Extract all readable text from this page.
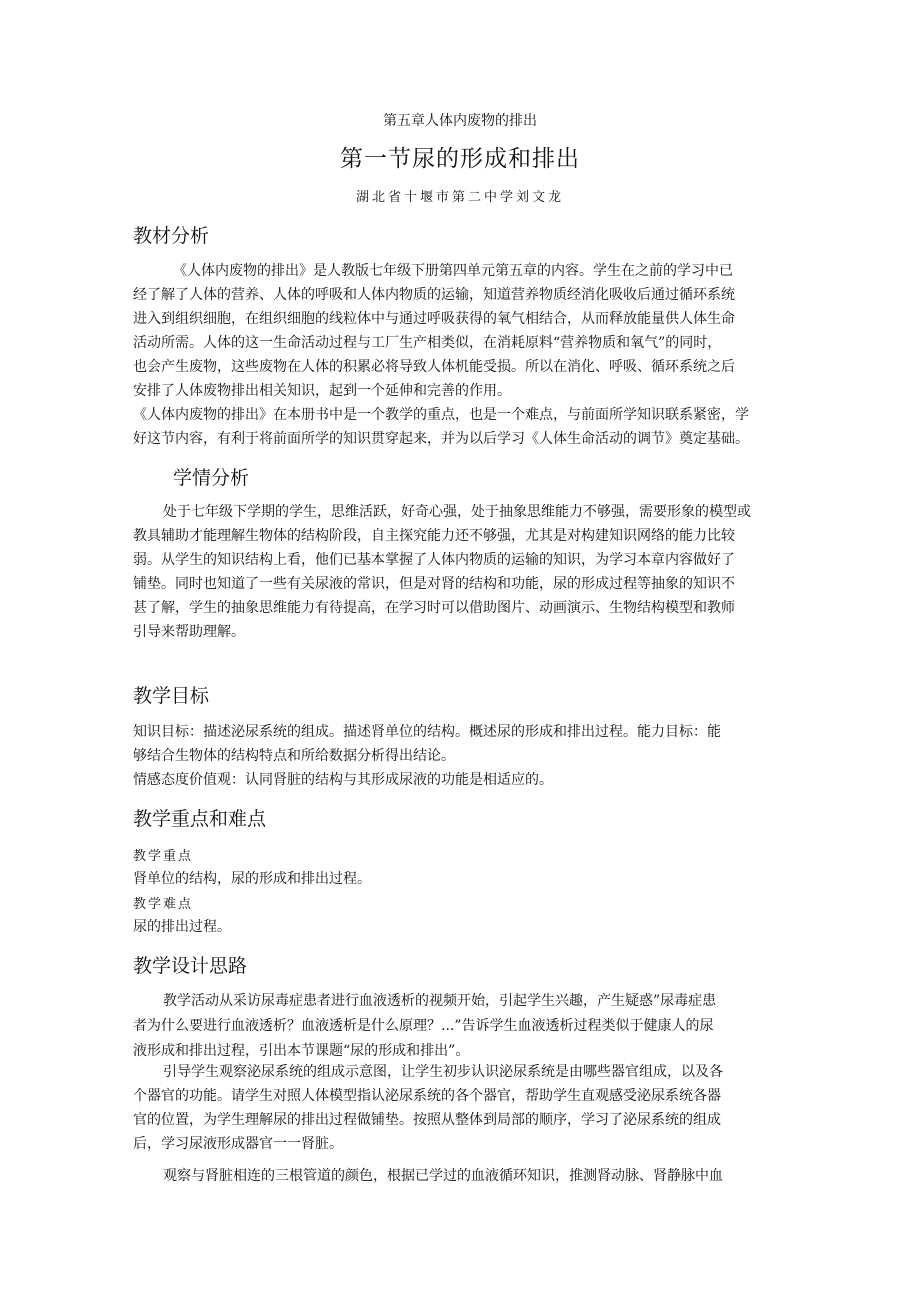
第五章人体内废物的排出
第一节尿的形成和排出
湖北省十堰市第二中学刘文龙
教材分析
《人体内废物的排出》是人教版七年级下册第四单元第五章的内容。学生在之前的学习中已
经了解了人体的营养、人体的呼吸和人体内物质的运输，知道营养物质经消化吸收后通过循环系统
进入到组织细胞，在组织细胞的线粒体中与通过呼吸获得的氧气相结合，从而释放能量供人体生命
活动所需。人体的这一生命活动过程与工厂生产相类似，在消耗原料“营养物质和氧气”的同时，
也会产生废物，这些废物在人体的积累必将导致人体机能受损。所以在消化、呼吸、循环系统之后
安排了人体废物排出相关知识，起到一个延伸和完善的作用。
《人体内废物的排出》在本册书中是一个教学的重点，也是一个难点，与前面所学知识联系紧密，学
好这节内容，有利于将前面所学的知识贯穿起来，并为以后学习《人体生命活动的调节》奠定基础。
学情分析
处于七年级下学期的学生，思维活跃，好奇心强，处于抽象思维能力不够强，需要形象的模型或
教具辅助才能理解生物体的结构阶段，自主探究能力还不够强，尤其是对构建知识网络的能力比较
弱。从学生的知识结构上看，他们已基本掌握了人体内物质的运输的知识，为学习本章内容做好了
铺垫。同时也知道了一些有关尿液的常识，但是对肾的结构和功能，尿的形成过程等抽象的知识不
甚了解，学生的抽象思维能力有待提高，在学习时可以借助图片、动画演示、生物结构模型和教师
引导来帮助理解。
教学目标
知识目标：描述泌尿系统的组成。描述肾单位的结构。概述尿的形成和排出过程。能力目标：能
够结合生物体的结构特点和所给数据分析得出结论。
情感态度价值观：认同肾脏的结构与其形成尿液的功能是相适应的。
教学重点和难点
教学重点
肾单位的结构，尿的形成和排出过程。
教学难点
尿的排出过程。
教学设计思路
教学活动从采访尿毒症患者进行血液透析的视频开始，引起学生兴趣，产生疑惑”尿毒症患
者为什么要进行血液透析？血液透析是什么原理？...”告诉学生血液透析过程类似于健康人的尿
液形成和排出过程，引出本节课题“尿的形成和排出”。
引导学生观察泌尿系统的组成示意图，让学生初步认识泌尿系统是由哪些器官组成，以及各
个器官的功能。请学生对照人体模型指认泌尿系统的各个器官，帮助学生直观感受泌尿系统各器
官的位置，为学生理解尿的排出过程做铺垫。按照从整体到局部的顺序，学习了泌尿系统的组成
后，学习尿液形成器官一一肾脏。
观察与肾脏相连的三根管道的颜色，根据已学过的血液循环知识，推测肾动脉、肾静脉中血
